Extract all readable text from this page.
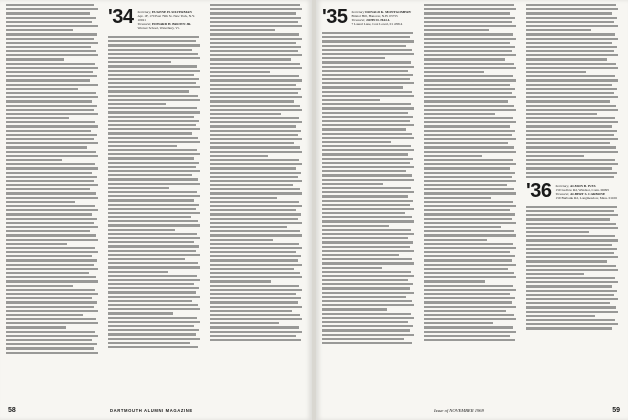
'34 Secretary, EUGENE H. SILVERMAN
Apt. 1F, 170 East 79th St. New York, N.Y. 10021
Treasurer, EDWARD H. BROWN JR.
Weaver School, Waterbury, Vt.
58	DARTMOUTH ALUMNI MAGAZINE
'35 Secretary DONALD K. MONTGOMERY
Bristol Hill, Hanover, N.H. 03755
Treasurer, JOHN D. HALL
7 Laurel Lane, Cost Lowel, 01 45814
'36 Secretary, ALMON B. IVES
150 Ludlow Rd, Windsor, Conn. 06095
Treasurer, ALBERT S. CARBONE
159 Burbank Rd, Longmeadow, Mass. 01106
Issue of NOVEMBER 1969	59
